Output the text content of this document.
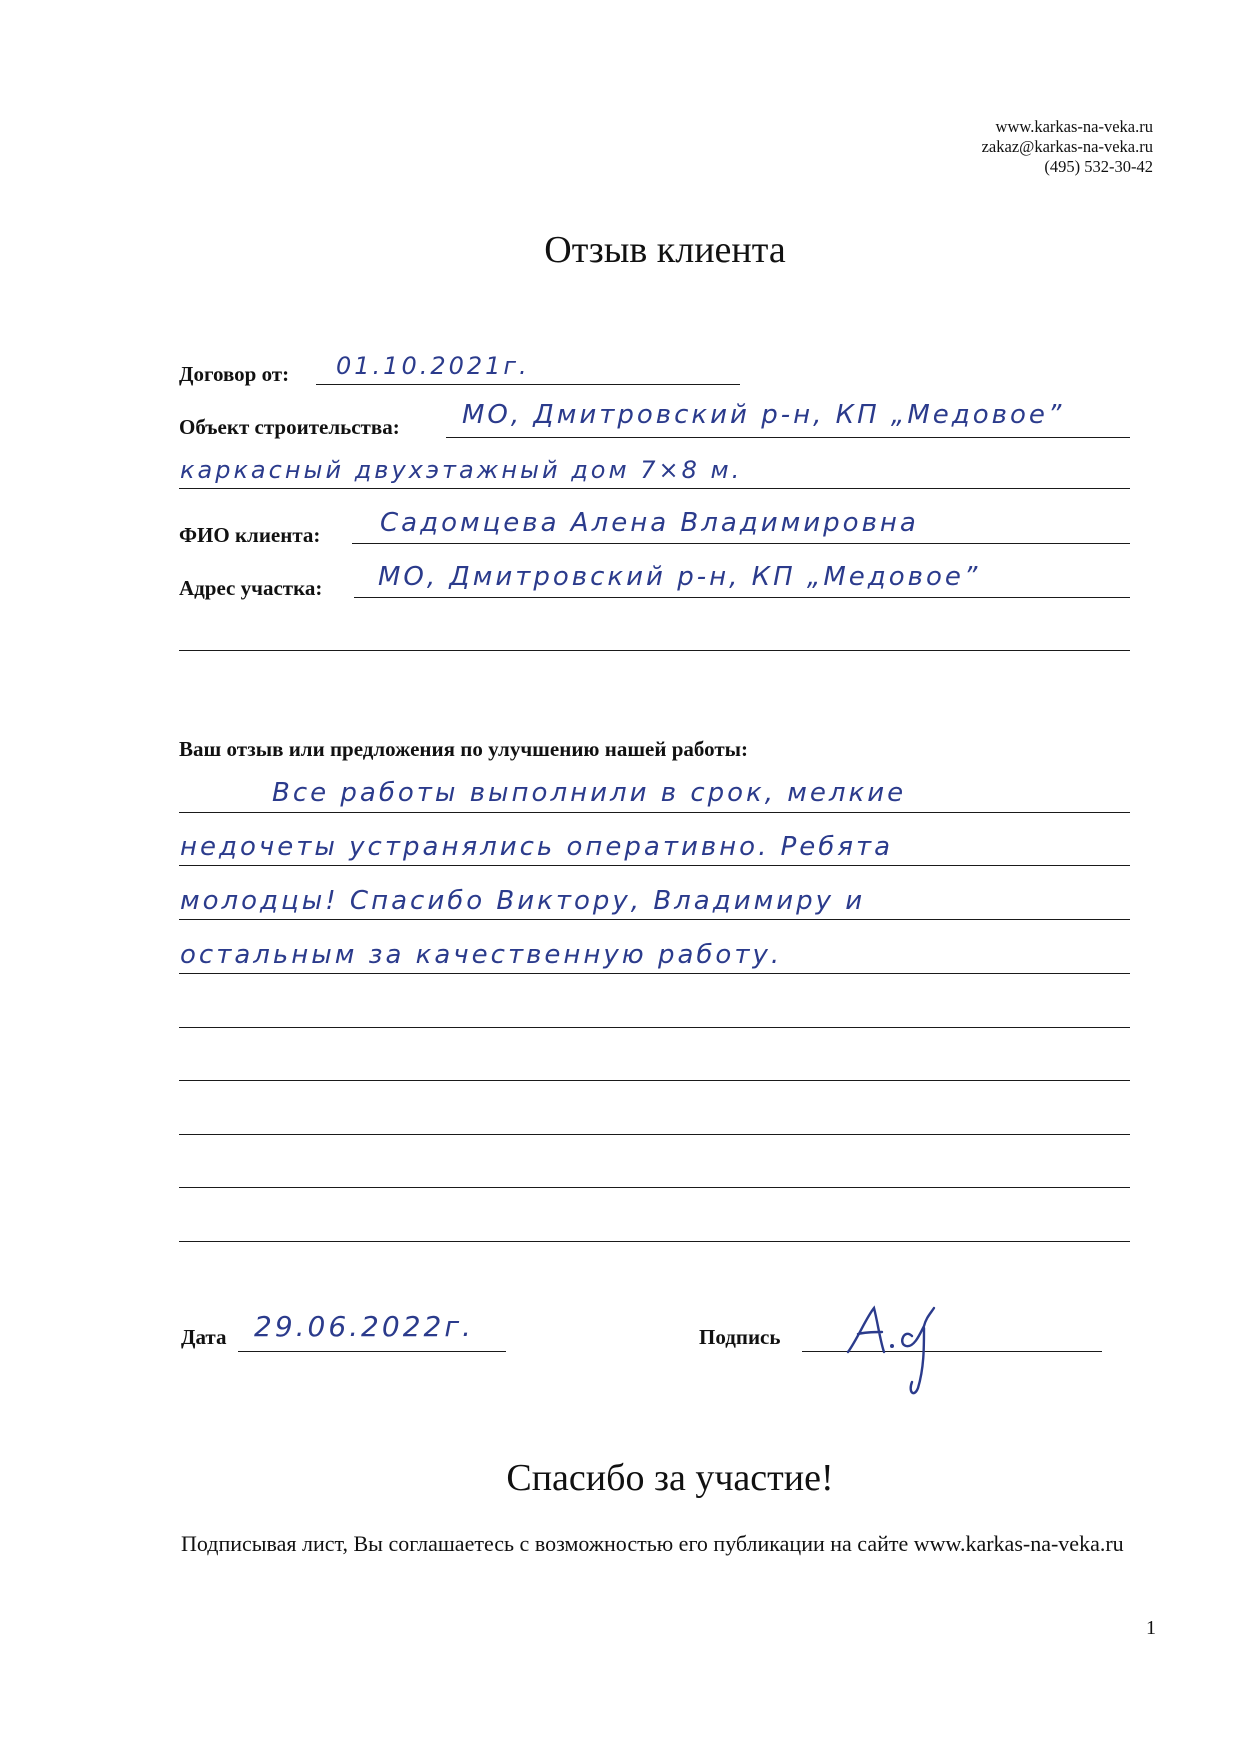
www.karkas-na-veka.ru
zakaz@karkas-na-veka.ru
(495) 532-30-42
Отзыв клиента
Договор от: 01.10.2021г.
Объект строительства: МО, Дмитровский р-н, КП „Медовое”
каркасный двухэтажный дом 7×8 м.
ФИО клиента: Садомцева Алена Владимировна
Адрес участка: МО, Дмитровский р-н, КП „Медовое”
Ваш отзыв или предложения по улучшению нашей работы:
Все работы выполнили в срок, мелкие
недочеты устранялись оперативно. Ребята
молодцы! Спасибо Виктору, Владимиру и
остальным за качественную работу.
Дата 29.06.2022г.	Подпись
Спасибо за участие!
Подписывая лист, Вы соглашаетесь с возможностью его публикации на сайте www.karkas-na-veka.ru
1
